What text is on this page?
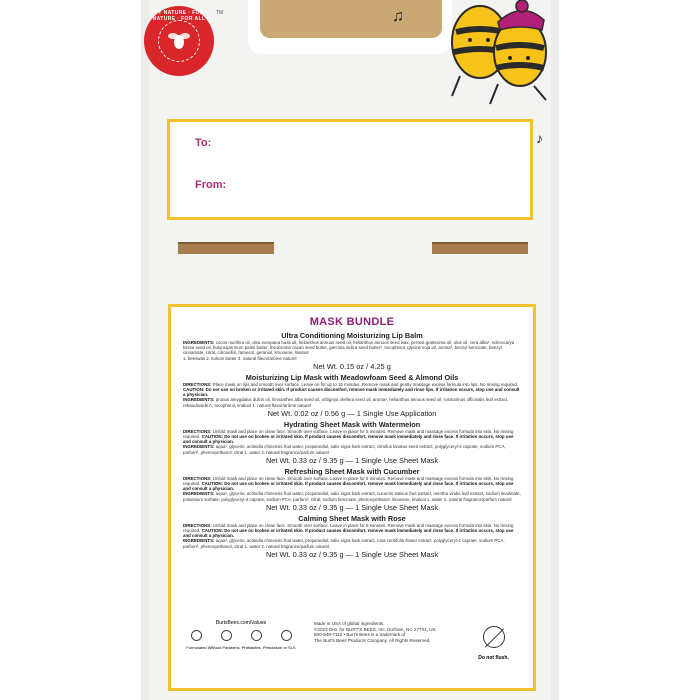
BY NATURE · FOR NATURE · FOR ALL
TM	♫
♪
To:
From:
MASK BUNDLE
Ultra Conditioning Moisturizing Lip Balm
INGREDIENTS: cocos nucifera oil, olea europaea husk oil, helianthus annuus seed oil, helianthus annuus seed wax, persea gratissima oil, olus oil, cera alba¹, sclerocarya birrea seed oil, butyrospermum parkii butter, theobroma cacao seed butter, garcinia indica seed butter², tocopherol, glycine soja oil, aroma³, benzyl benzoate, benzyl cinnamate, citral, citronellol, farnesol, geraniol, limonene, linalool
1. beeswax 2. kokum butter 3. natural flavor/arôme naturel
Net Wt. 0.15 oz / 4.25 g
Moisturizing Lip Mask with Meadowfoam Seed & Almond Oils
DIRECTIONS: Place mask on lips and smooth over surface. Leave on for up to 15 minutes. Remove mask and gently massage excess formula into lips. No rinsing required. CAUTION: Do not use on broken or irritated skin. If product causes discomfort, remove mask immediately and rinse lips. If irritation occurs, stop use and consult a physician.
INGREDIENTS: prunus amygdalus dulcis oil, limnanthes alba seed oil, orbignya oleifera seed oil, aroma¹, helianthus annuus seed oil, rosmarinus officinalis leaf extract, rebaudioside A, tocopherol, linalool 1. natural flavor/arôme naturel
Net Wt. 0.02 oz / 0.56 g — 1 Single Use Application
Hydrating Sheet Mask with Watermelon
DIRECTIONS: Unfold mask and place on clean face. Smooth over surface. Leave in place for 5 minutes. Remove mask and massage excess formula into skin. No rinsing required. CAUTION: Do not use on broken or irritated skin. If product causes discomfort, remove mask immediately and rinse face. If irritation occurs, stop use and consult a physician.
INGREDIENTS: aqua¹, glycerin, actinidia chinensis fruit water, propanediol, salix nigra bark extract, citrullus lanatus seed extract, polyglyceryl-4 caprate, sodium PCA, parfum², phenoxyethanol, citral 1. water 2. natural fragrance/parfum naturel
Net Wt. 0.33 oz / 9.35 g — 1 Single Use Sheet Mask
Refreshing Sheet Mask with Cucumber
DIRECTIONS: Unfold mask and place on clean face. Smooth over surface. Leave in place for 5 minutes. Remove mask and massage excess formula into skin. No rinsing required. CAUTION: Do not use on broken or irritated skin. If product causes discomfort, remove mask immediately and rinse face. If irritation occurs, stop use and consult a physician.
INGREDIENTS: aqua¹, glycerin, actinidia chinensis fruit water, propanediol, salix nigra bark extract, cucumis sativus fruit extract, mentha viridis leaf extract, sodium levulinate, potassium sorbate, polyglyceryl-4 caprate, sodium PCA, parfum², citral, sodium benzoate, phenoxyethanol, limonene, linalool 1. water 2. natural fragrance/parfum naturel
Net Wt. 0.33 oz / 9.35 g — 1 Single Use Sheet Mask
Calming Sheet Mask with Rose
DIRECTIONS: Unfold mask and place on clean face. Smooth over surface. Leave in place for 5 minutes. Remove mask and massage excess formula into skin. No rinsing required. CAUTION: Do not use on broken or irritated skin. If product causes discomfort, remove mask immediately and rinse face. If irritation occurs, stop use and consult a physician.
INGREDIENTS: aqua¹, glycerin, actinidia chinensis fruit water, propanediol, salix nigra bark extract, rosa centifolia flower extract, polyglyceryl-4 caprate, sodium PCA, parfum², phenoxyethanol, citral 1. water 2. natural fragrance/parfum naturel
Net Wt. 0.33 oz / 9.35 g — 1 Single Use Sheet Mask
BurtsBees.com/Values
Formulated Without Parabens, Phthalates, Petrolatum or SLS
Made in USA of global ingredients.
©2023 Dist. for BURT'S BEES, Inc. Durham, NC 27701, US
800-849-7112 • Burt's Bees is a trademark of
The Burt's Bees Products Company. All Rights Reserved.
Do not flush.
